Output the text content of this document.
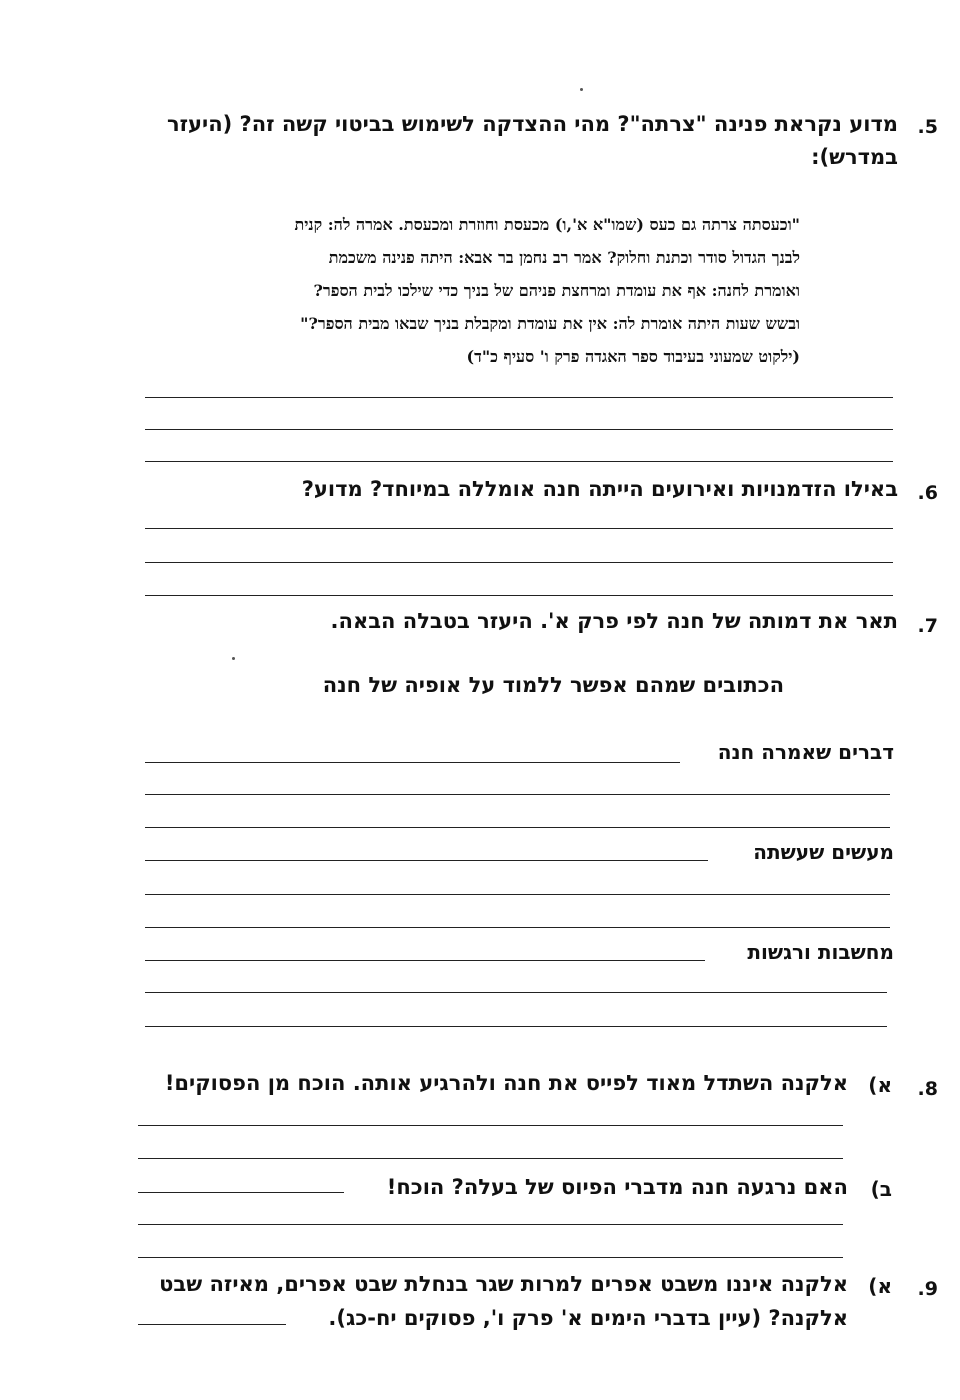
.5
מדוע נקראת פנינה "צרתה"? מהי ההצדקה לשימוש בביטוי קשה זה? (היעזר
במדרש):
"וכעסתה צרתה גם כעס (שמו"א א',ו) מכעסת וחוזרת ומכעסת. אמרה לה: קנית
לבנך הגדול סודר וכתנת וחלוק? אמר רב נחמן בר אבא: היתה פנינה משכמת
ואומרת לחנה: אף את עומדת ומרחצת פניהם של בניך כדי שילכו לבית הספר?
ובשש שעות היתה אומרת לה: אין את עומדת ומקבלת בניך שבאו מבית הספר?"
(ילקוט שמעוני בעיבוד ספר האגדה פרק ו' סעיף כ"ד)
.6
באילו הזדמנויות ואירועים הייתה חנה אומללה במיוחד? מדוע?
.7
תאר את דמותה של חנה לפי פרק א'. היעזר בטבלה הבאה.
הכתובים שמהם אפשר ללמוד על אופיה של חנה
דברים שאמרה חנה
מעשים שעשתה
מחשבות ורגשות
.8
א)
אלקנה השתדל מאוד לפייס את חנה ולהרגיע אותה. הוכח מן הפסוקים!
ב)
האם נרגעה חנה מדברי הפיוס של בעלה? הוכח!
.9
א)
אלקנה איננו משבט אפרים למרות שגר בנחלת שבט אפרים, מאיזה שבט
אלקנה? (עיין בדברי הימים א' פרק ו', פסוקים יח-כג).
